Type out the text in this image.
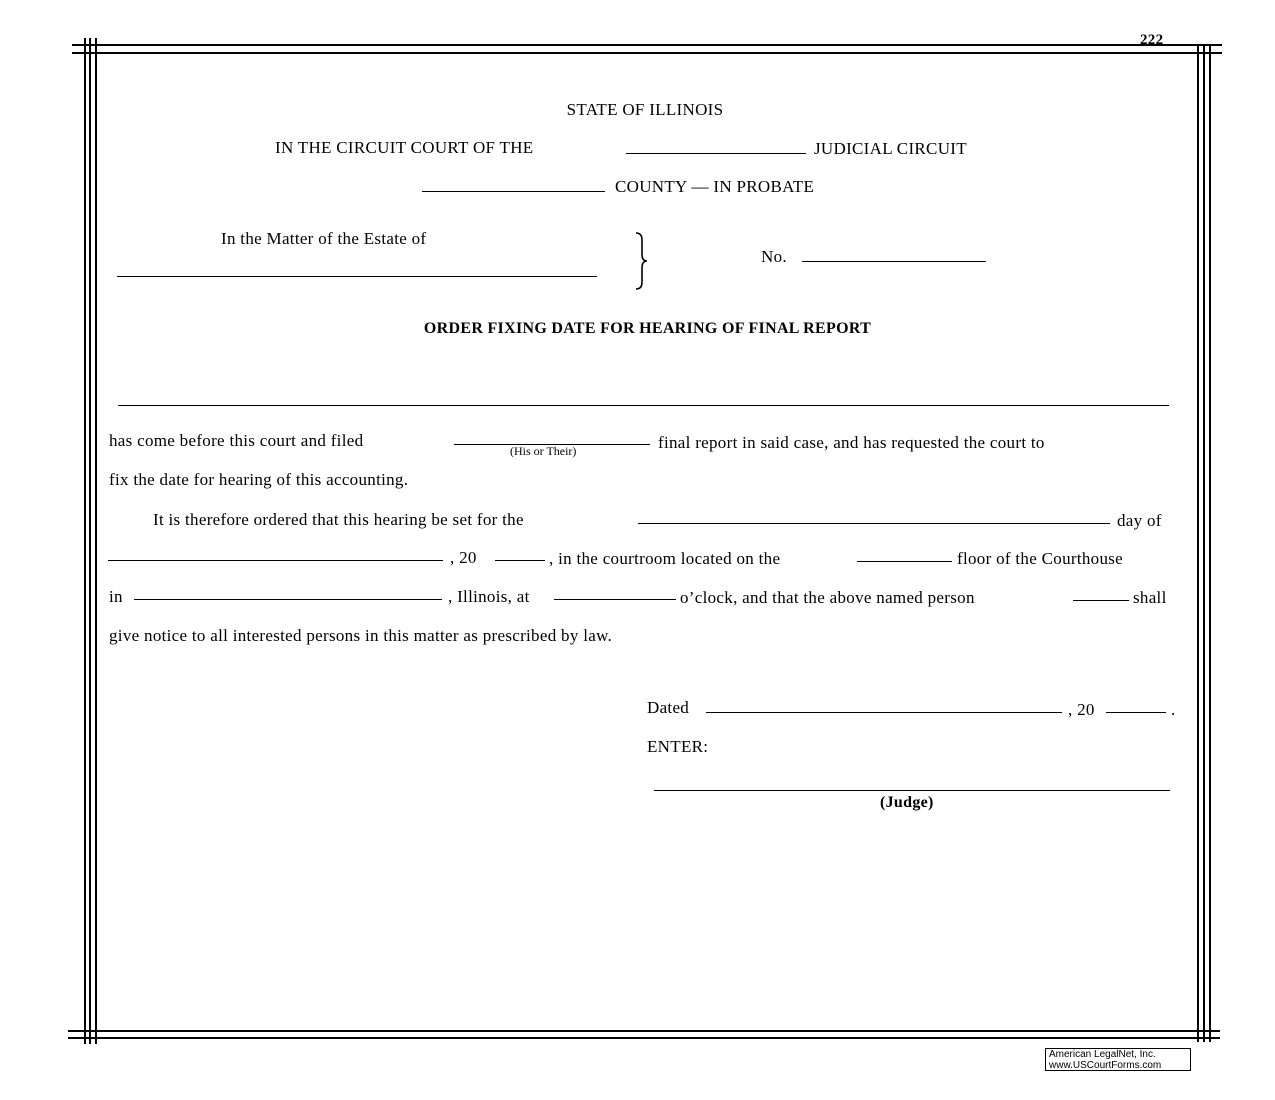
222
STATE OF ILLINOIS
IN THE CIRCUIT COURT OF THE	JUDICIAL CIRCUIT
COUNTY — IN PROBATE
In the Matter of the Estate of
No.
ORDER FIXING DATE FOR HEARING OF FINAL REPORT
has come before this court and filed
(His or Their)	final report in said case, and has requested the court to
fix the date for hearing of this accounting.
It is therefore ordered that this hearing be set for the	day of
, 20	, in the courtroom located on the	floor of the Courthouse
in	, Illinois, at	o’clock, and that the above named person	shall
give notice to all interested persons in this matter as prescribed by law.
Dated	, 20	.
ENTER:
(Judge)
American LegalNet, Inc.
www.USCourtForms.com
